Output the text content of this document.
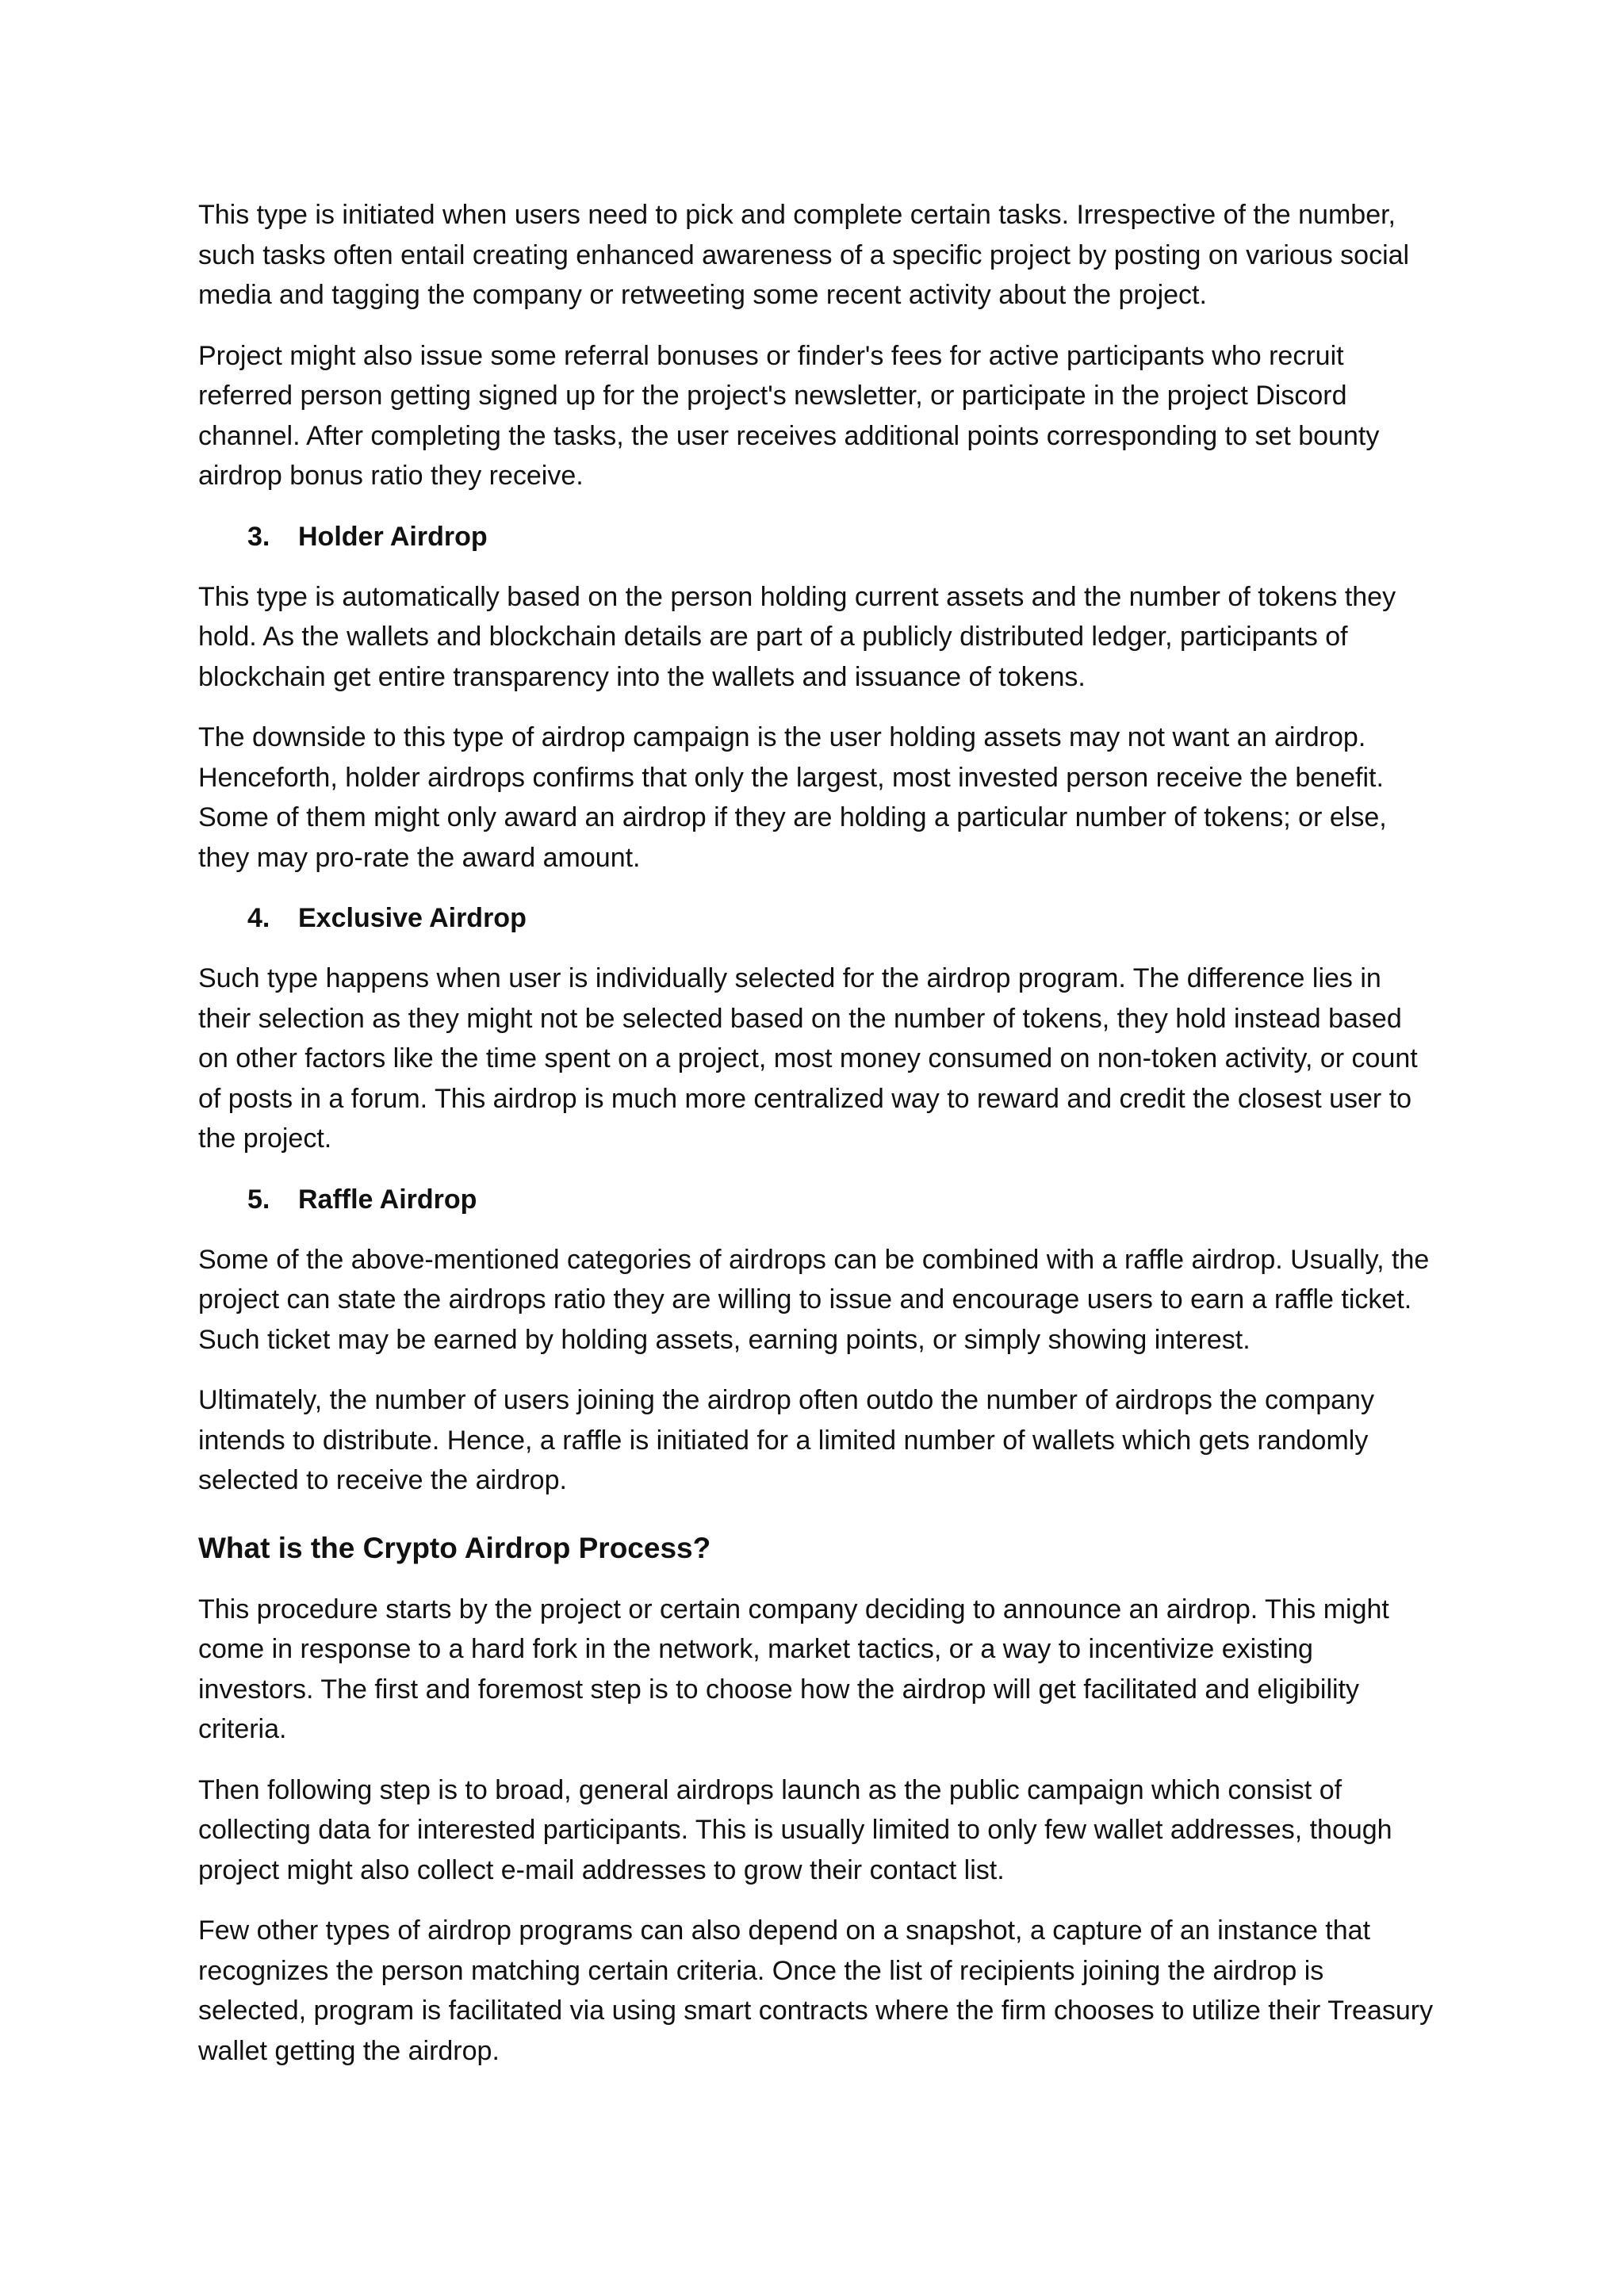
This type is initiated when users need to pick and complete certain tasks. Irrespective of the number, such tasks often entail creating enhanced awareness of a specific project by posting on various social media and tagging the company or retweeting some recent activity about the project.

Project might also issue some referral bonuses or finder's fees for active participants who recruit referred person getting signed up for the project's newsletter, or participate in the project Discord channel. After completing the tasks, the user receives additional points corresponding to set bounty airdrop bonus ratio they receive.

3.	Holder Airdrop

This type is automatically based on the person holding current assets and the number of tokens they hold. As the wallets and blockchain details are part of a publicly distributed ledger, participants of blockchain get entire transparency into the wallets and issuance of tokens.

The downside to this type of airdrop campaign is the user holding assets may not want an airdrop. Henceforth, holder airdrops confirms that only the largest, most invested person receive the benefit. Some of them might only award an airdrop if they are holding a particular number of tokens; or else, they may pro-rate the award amount.

4.	Exclusive Airdrop

Such type happens when user is individually selected for the airdrop program. The difference lies in their selection as they might not be selected based on the number of tokens, they hold instead based on other factors like the time spent on a project, most money consumed on non-token activity, or count of posts in a forum. This airdrop is much more centralized way to reward and credit the closest user to the project.

5.	Raffle Airdrop

Some of the above-mentioned categories of airdrops can be combined with a raffle airdrop. Usually, the project can state the airdrops ratio they are willing to issue and encourage users to earn a raffle ticket. Such ticket may be earned by holding assets, earning points, or simply showing interest.

Ultimately, the number of users joining the airdrop often outdo the number of airdrops the company intends to distribute. Hence, a raffle is initiated for a limited number of wallets which gets randomly selected to receive the airdrop.

What is the Crypto Airdrop Process?

This procedure starts by the project or certain company deciding to announce an airdrop. This might come in response to a hard fork in the network, market tactics, or a way to incentivize existing investors. The first and foremost step is to choose how the airdrop will get facilitated and eligibility criteria.

Then following step is to broad, general airdrops launch as the public campaign which consist of collecting data for interested participants. This is usually limited to only few wallet addresses, though project might also collect e-mail addresses to grow their contact list.

Few other types of airdrop programs can also depend on a snapshot, a capture of an instance that recognizes the person matching certain criteria. Once the list of recipients joining the airdrop is selected, program is facilitated via using smart contracts where the firm chooses to utilize their Treasury wallet getting the airdrop.
